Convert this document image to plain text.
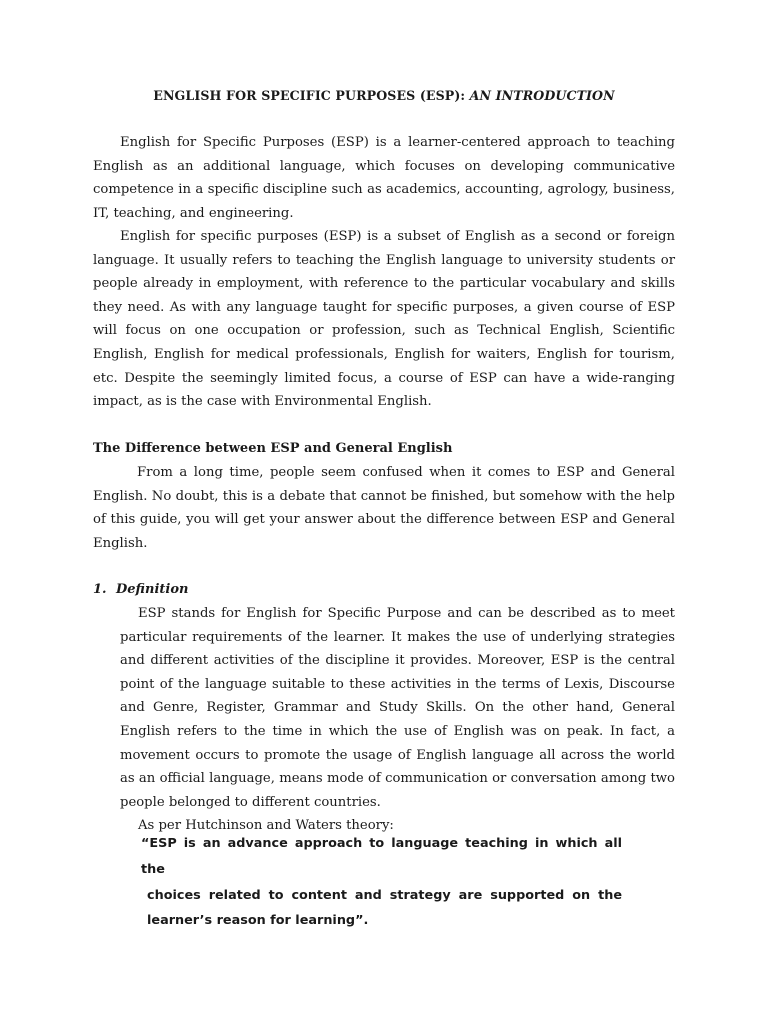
ENGLISH FOR SPECIFIC PURPOSES (ESP): AN INTRODUCTION

English for Specific Purposes (ESP) is a learner-centered approach to teaching English as an additional language, which focuses on developing communicative competence in a specific discipline such as academics, accounting, agrology, business, IT, teaching, and engineering.

English for specific purposes (ESP) is a subset of English as a second or foreign language. It usually refers to teaching the English language to university students or people already in employment, with reference to the particular vocabulary and skills they need. As with any language taught for specific purposes, a given course of ESP will focus on one occupation or profession, such as Technical English, Scientific English, English for medical professionals, English for waiters, English for tourism, etc. Despite the seemingly limited focus, a course of ESP can have a wide-ranging impact, as is the case with Environmental English.

The Difference between ESP and General English

From a long time, people seem confused when it comes to ESP and General English. No doubt, this is a debate that cannot be finished, but somehow with the help of this guide, you will get your answer about the difference between ESP and General English.

1. Definition

ESP stands for English for Specific Purpose and can be described as to meet particular requirements of the learner. It makes the use of underlying strategies and different activities of the discipline it provides. Moreover, ESP is the central point of the language suitable to these activities in the terms of Lexis, Discourse and Genre, Register, Grammar and Study Skills. On the other hand, General English refers to the time in which the use of English was on peak. In fact, a movement occurs to promote the usage of English language all across the world as an official language, means mode of communication or conversation among two people belonged to different countries.

As per Hutchinson and Waters theory:

“ESP is an advance approach to language teaching in which all the
choices related to content and strategy are supported on the
learner’s reason for learning”.
